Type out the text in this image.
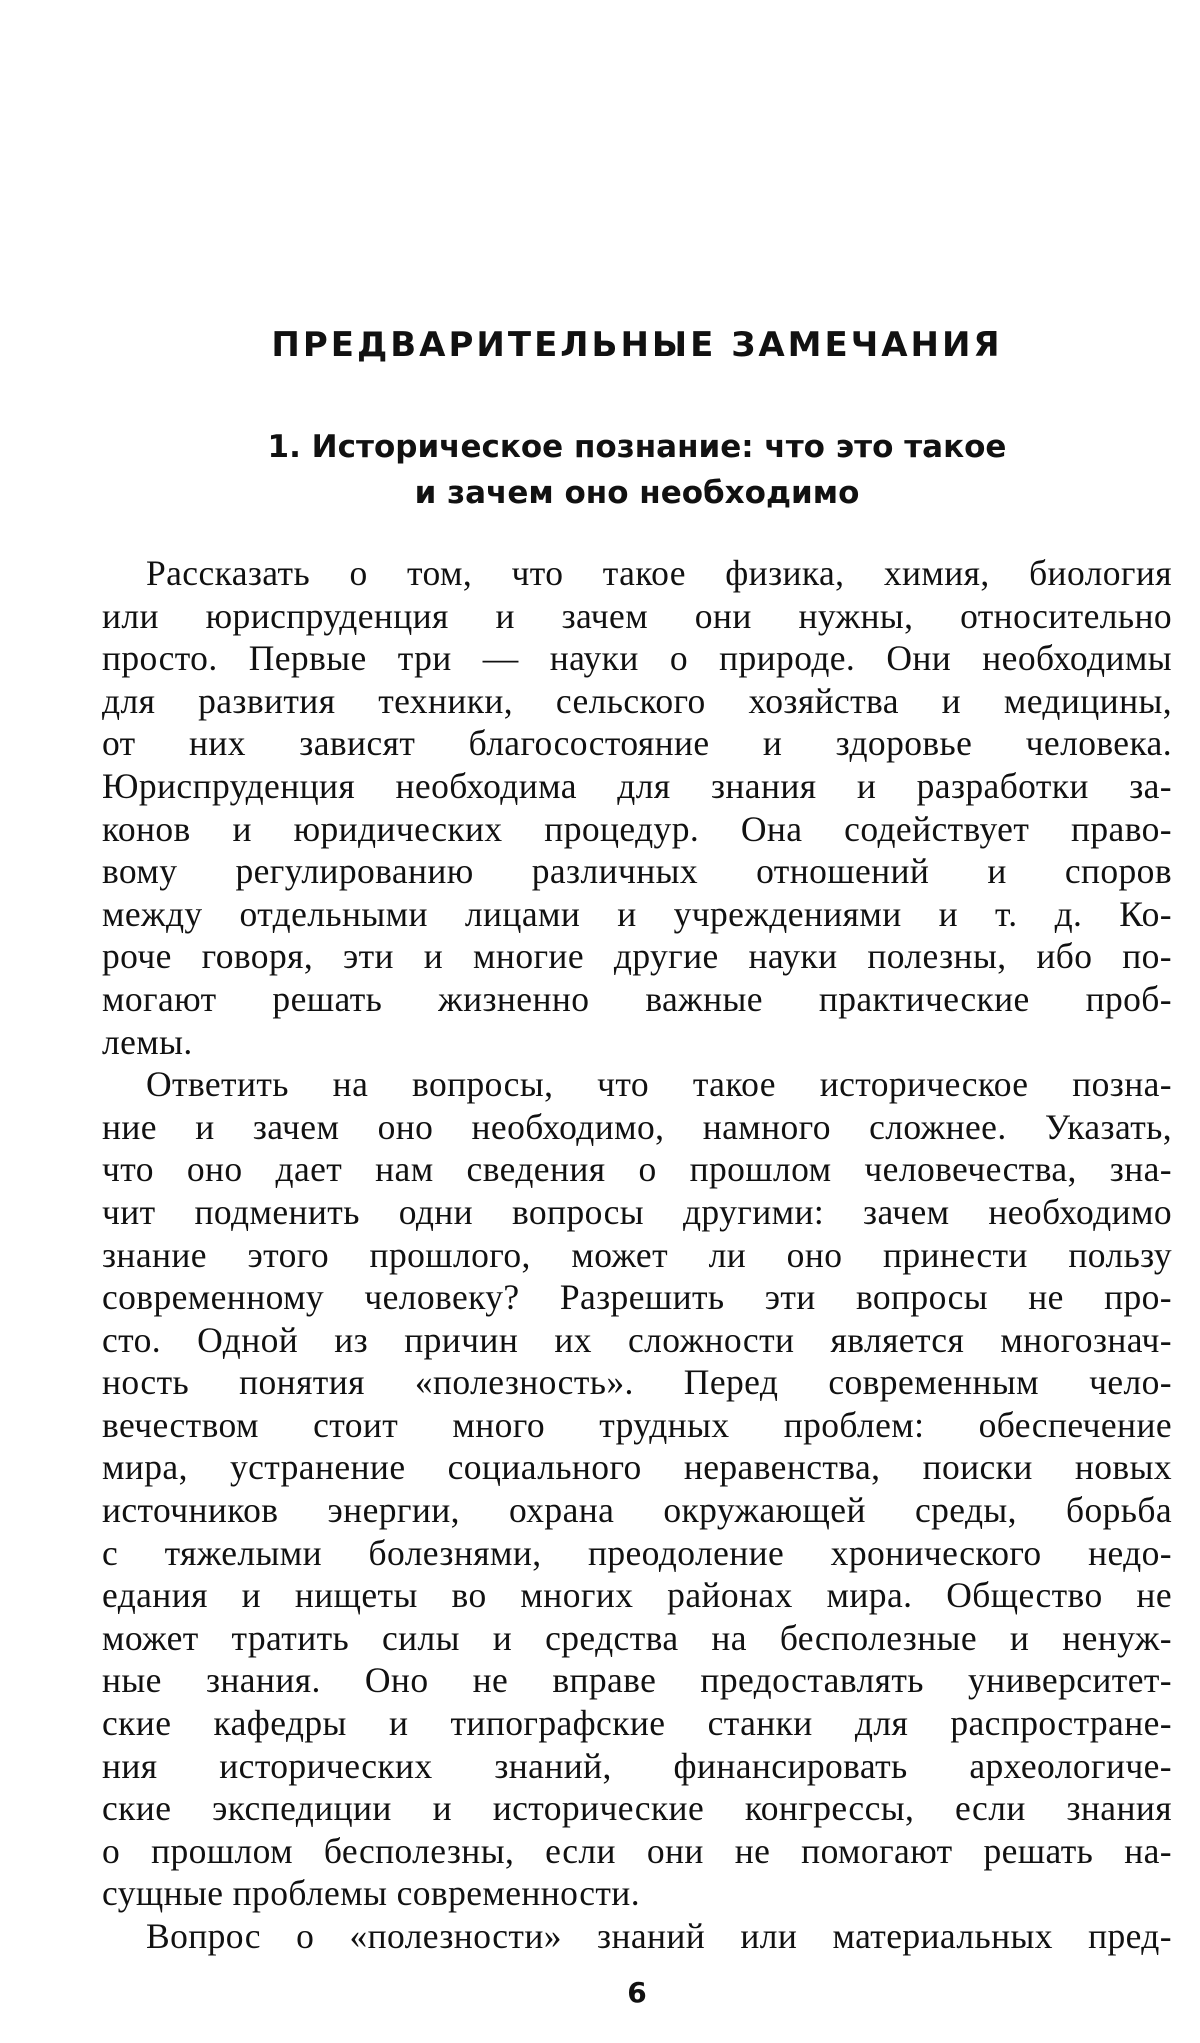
ПРЕДВАРИТЕЛЬНЫЕ ЗАМЕЧАНИЯ
1. Историческое познание: что это такое
и зачем оно необходимо

Рассказать о том, что такое физика, химия, биология
или юриспруденция и зачем они нужны, относительно
просто. Первые три — науки о природе. Они необходимы
для развития техники, сельского хозяйства и медицины,
от них зависят благосостояние и здоровье человека.
Юриспруденция необходима для знания и разработки за-
конов и юридических процедур. Она содействует право-
вому регулированию различных отношений и споров
между отдельными лицами и учреждениями и т. д. Ко-
роче говоря, эти и многие другие науки полезны, ибо по-
могают решать жизненно важные практические проб-
лемы.

Ответить на вопросы, что такое историческое позна-
ние и зачем оно необходимо, намного сложнее. Указать,
что оно дает нам сведения о прошлом человечества, зна-
чит подменить одни вопросы другими: зачем необходимо
знание этого прошлого, может ли оно принести пользу
современному человеку? Разрешить эти вопросы не про-
сто. Одной из причин их сложности является многознач-
ность понятия «полезность». Перед современным чело-
вечеством стоит много трудных проблем: обеспечение
мира, устранение социального неравенства, поиски новых
источников энергии, охрана окружающей среды, борьба
с тяжелыми болезнями, преодоление хронического недо-
едания и нищеты во многих районах мира. Общество не
может тратить силы и средства на бесполезные и ненуж-
ные знания. Оно не вправе предоставлять университет-
ские кафедры и типографские станки для распростране-
ния исторических знаний, финансировать археологиче-
ские экспедиции и исторические конгрессы, если знания
о прошлом бесполезны, если они не помогают решать на-
сущные проблемы современности.

Вопрос о «полезности» знаний или материальных пред-

6
